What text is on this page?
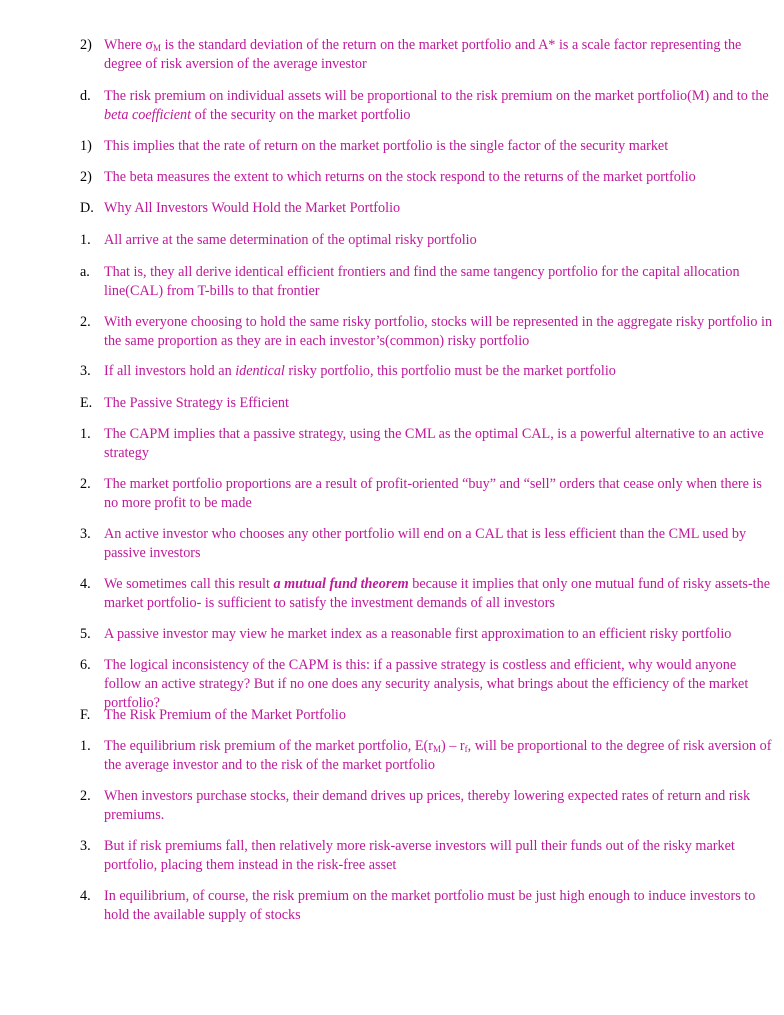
2) Where $\sigma_M$ is the standard deviation of the return on the market portfolio and A* is a scale factor representing the degree of risk aversion of the average investor
d. The risk premium on individual assets will be proportional to the risk premium on the market portfolio(M) and to the beta coefficient of the security on the market portfolio
1) This implies that the rate of return on the market portfolio is the single factor of the security market
2) The beta measures the extent to which returns on the stock respond to the returns of the market portfolio
D. Why All Investors Would Hold the Market Portfolio
1. All arrive at the same determination of the optimal risky portfolio
a. That is, they all derive identical efficient frontiers and find the same tangency portfolio for the capital allocation line(CAL) from T-bills to that frontier
2. With everyone choosing to hold the same risky portfolio, stocks will be represented in the aggregate risky portfolio in the same proportion as they are in each investor’s(common) risky portfolio
3. If all investors hold an identical risky portfolio, this portfolio must be the market portfolio
E. The Passive Strategy is Efficient
1. The CAPM implies that a passive strategy, using the CML as the optimal CAL, is a powerful alternative to an active strategy
2. The market portfolio proportions are a result of profit-oriented “buy” and “sell” orders that cease only when there is no more profit to be made
3. An active investor who chooses any other portfolio will end on a CAL that is less efficient than the CML used by passive investors
4. We sometimes call this result a mutual fund theorem because it implies that only one mutual fund of risky assets-the market portfolio- is sufficient to satisfy the investment demands of all investors
5. A passive investor may view he market index as a reasonable first approximation to an efficient risky portfolio
6. The logical inconsistency of the CAPM is this: if a passive strategy is costless and efficient, why would anyone follow an active strategy? But if no one does any security analysis, what brings about the efficiency of the market portfolio?
F. The Risk Premium of the Market Portfolio
1. The equilibrium risk premium of the market portfolio, $E(r_M) - r_f$, will be proportional to the degree of risk aversion of the average investor and to the risk of the market portfolio
2. When investors purchase stocks, their demand drives up prices, thereby lowering expected rates of return and risk premiums.
3. But if risk premiums fall, then relatively more risk-averse investors will pull their funds out of the risky market portfolio, placing them instead in the risk-free asset
4. In equilibrium, of course, the risk premium on the market portfolio must be just high enough to induce investors to hold the available supply of stocks
